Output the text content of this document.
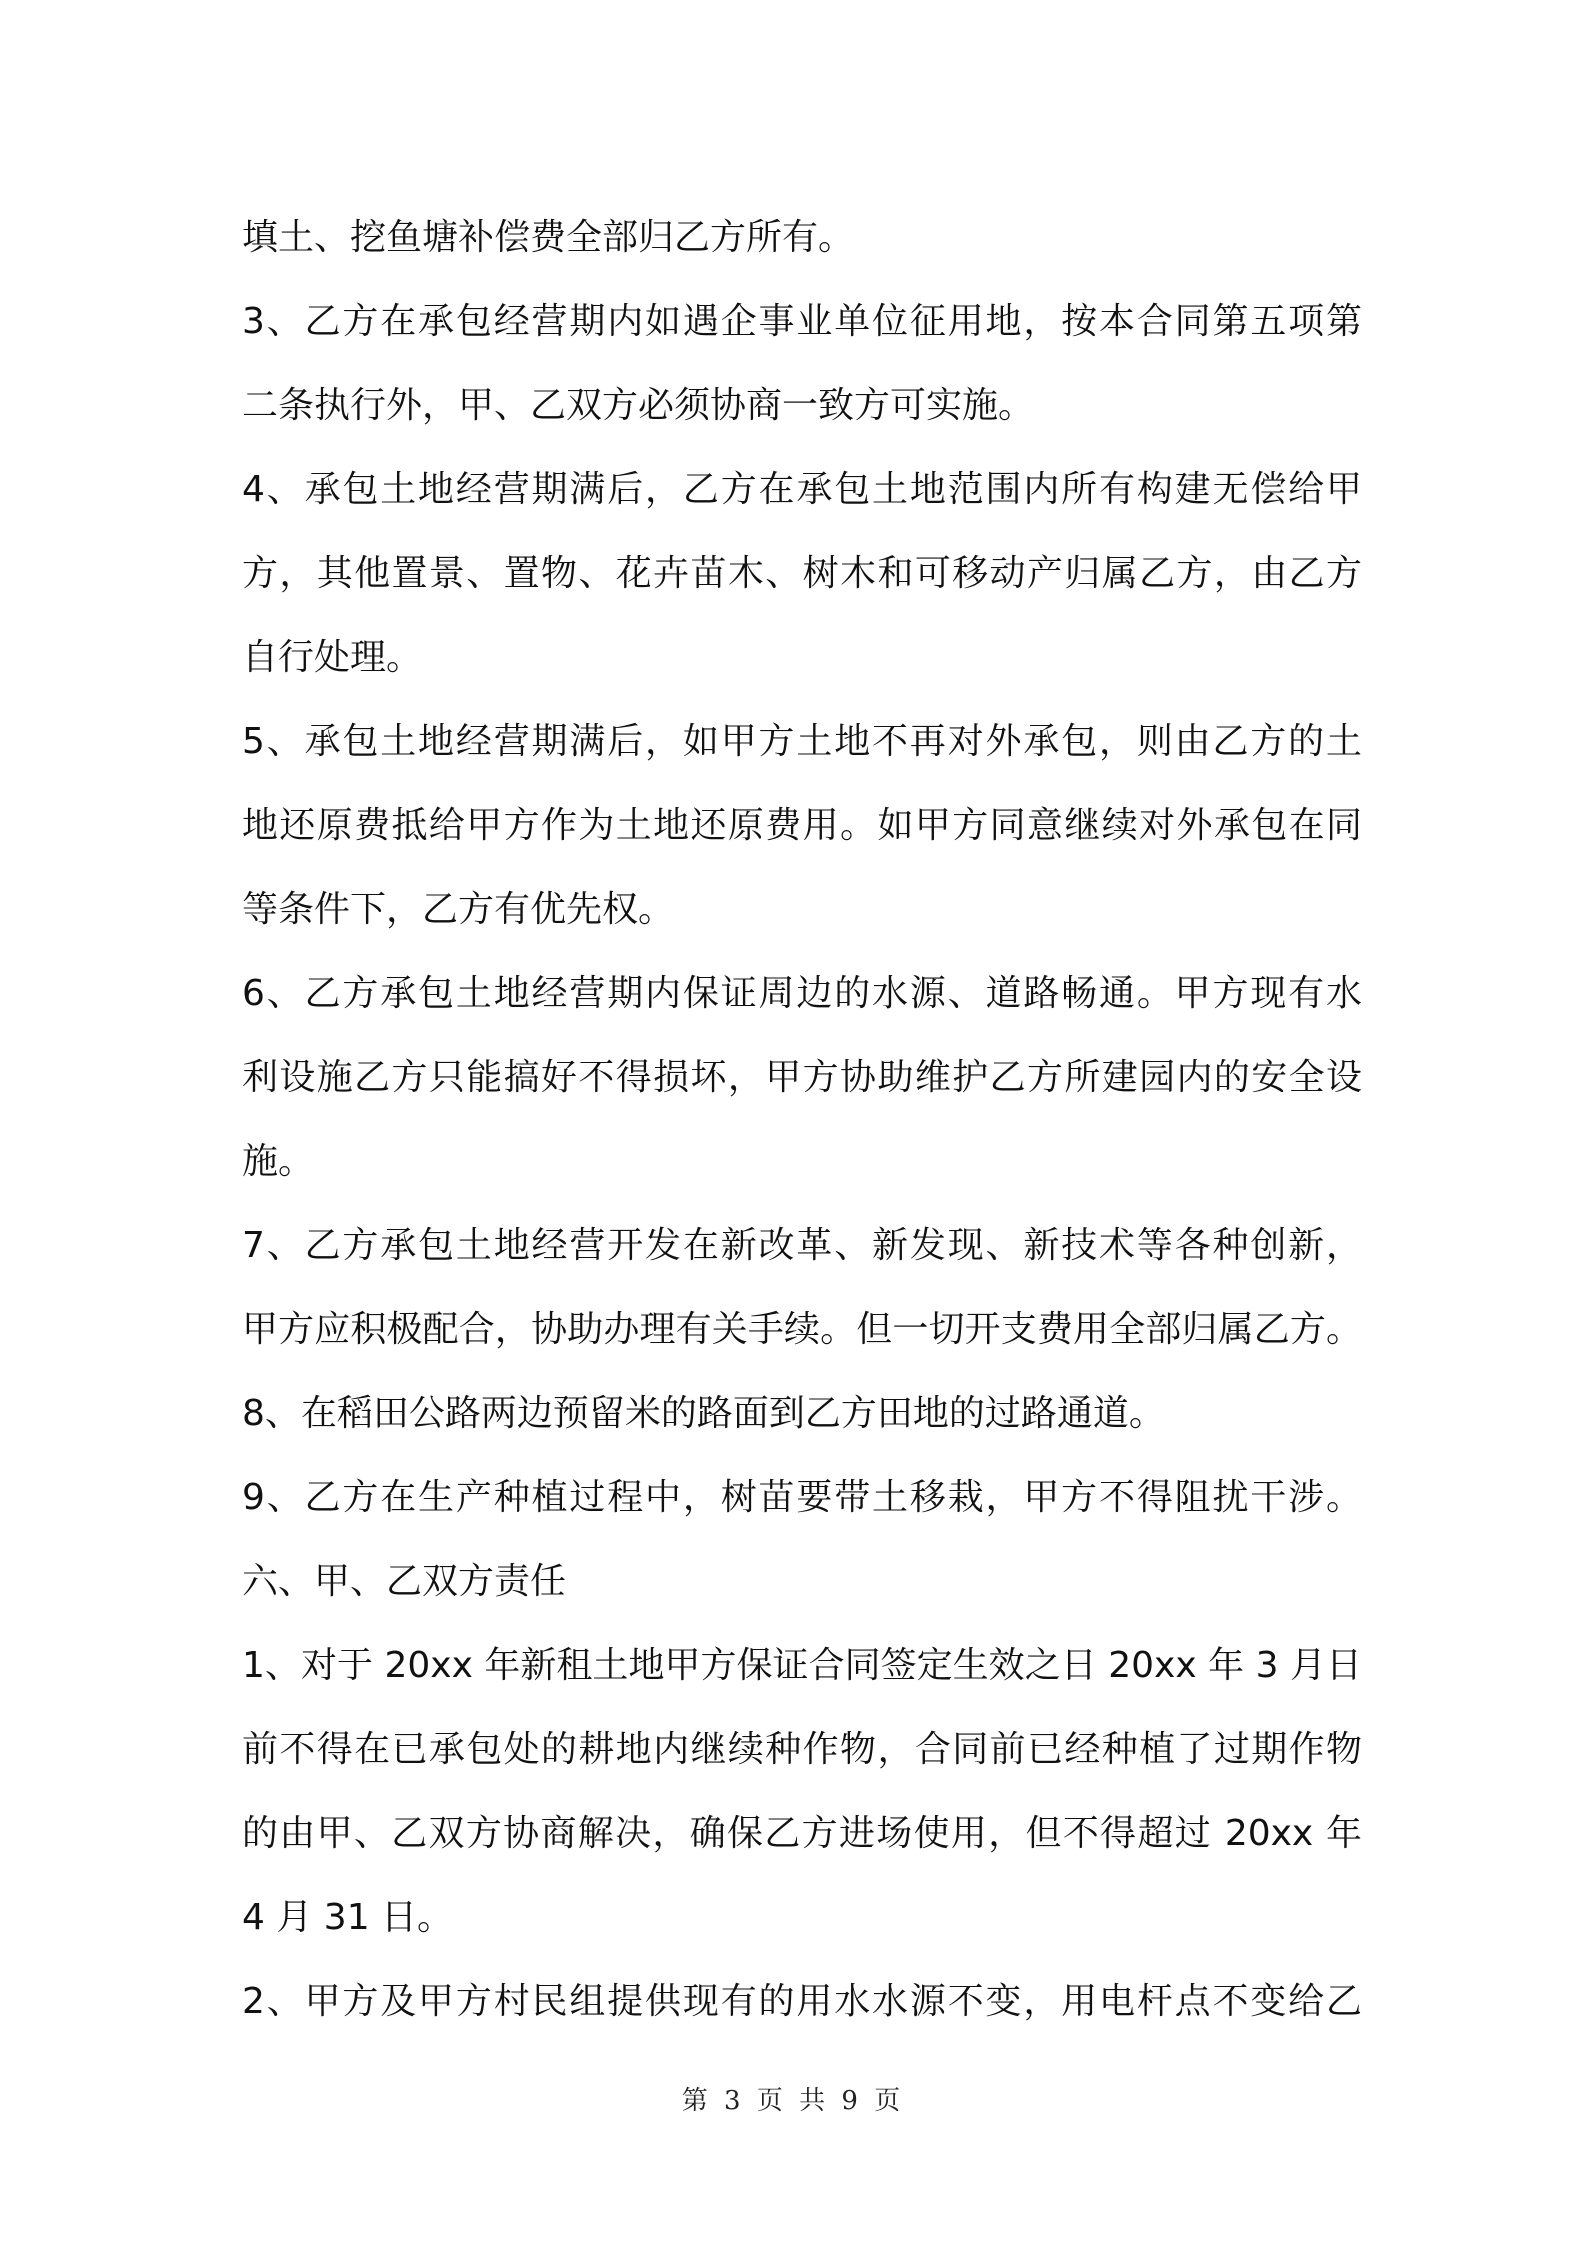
填土、挖鱼塘补偿费全部归乙方所有。
3、乙方在承包经营期内如遇企事业单位征用地，按本合同第五项第
二条执行外，甲、乙双方必须协商一致方可实施。
4、承包土地经营期满后，乙方在承包土地范围内所有构建无偿给甲
方，其他置景、置物、花卉苗木、树木和可移动产归属乙方，由乙方
自行处理。
5、承包土地经营期满后，如甲方土地不再对外承包，则由乙方的土
地还原费抵给甲方作为土地还原费用。如甲方同意继续对外承包在同
等条件下，乙方有优先权。
6、乙方承包土地经营期内保证周边的水源、道路畅通。甲方现有水
利设施乙方只能搞好不得损坏，甲方协助维护乙方所建园内的安全设
施。
7、乙方承包土地经营开发在新改革、新发现、新技术等各种创新，
甲方应积极配合，协助办理有关手续。但一切开支费用全部归属乙方。
8、在稻田公路两边预留米的路面到乙方田地的过路通道。
9、乙方在生产种植过程中，树苗要带土移栽，甲方不得阻扰干涉。
六、甲、乙双方责任
1、对于 20xx 年新租土地甲方保证合同签定生效之日 20xx 年 3 月日
前不得在已承包处的耕地内继续种作物，合同前已经种植了过期作物
的由甲、乙双方协商解决，确保乙方进场使用，但不得超过 20xx 年
4 月 31 日。
2、甲方及甲方村民组提供现有的用水水源不变，用电杆点不变给乙
第 3 页 共 9 页
